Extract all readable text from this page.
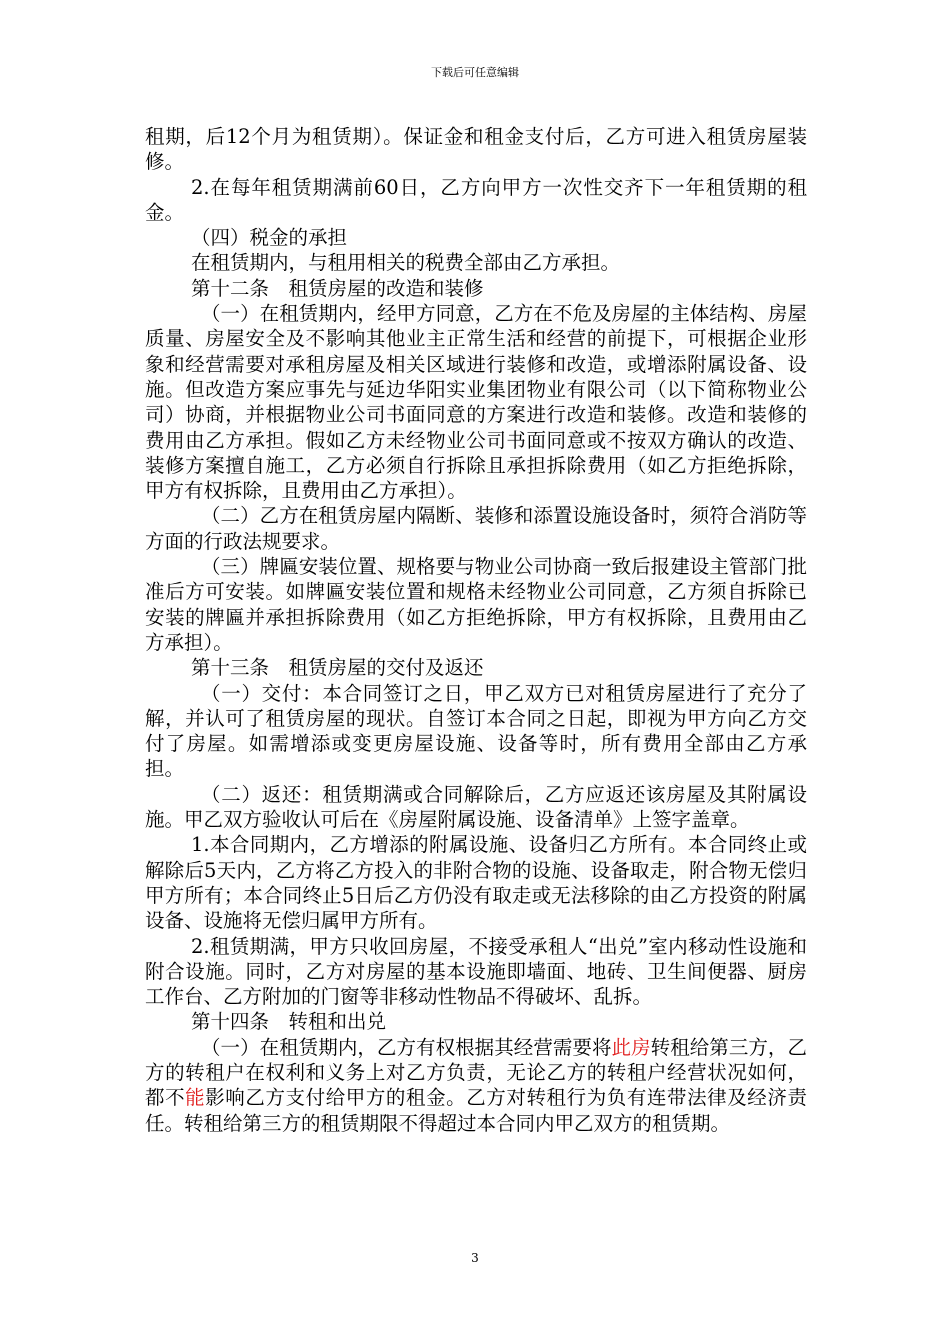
下载后可任意编辑

租期，后12个月为租赁期）。保证金和租金支付后，乙方可进入租赁房屋装修。

2.在每年租赁期满前60日，乙方向甲方一次性交齐下一年租赁期的租金。

（四）税金的承担

在租赁期内，与租用相关的税费全部由乙方承担。

第十二条　租赁房屋的改造和装修

（一）在租赁期内，经甲方同意，乙方在不危及房屋的主体结构、房屋质量、房屋安全及不影响其他业主正常生活和经营的前提下，可根据企业形象和经营需要对承租房屋及相关区域进行装修和改造，或增添附属设备、设施。但改造方案应事先与延边华阳实业集团物业有限公司（以下简称物业公司）协商，并根据物业公司书面同意的方案进行改造和装修。改造和装修的费用由乙方承担。假如乙方未经物业公司书面同意或不按双方确认的改造、装修方案擅自施工，乙方必须自行拆除且承担拆除费用（如乙方拒绝拆除，甲方有权拆除，且费用由乙方承担）。

（二）乙方在租赁房屋内隔断、装修和添置设施设备时，须符合消防等方面的行政法规要求。

（三）牌匾安装位置、规格要与物业公司协商一致后报建设主管部门批准后方可安装。如牌匾安装位置和规格未经物业公司同意，乙方须自拆除已安装的牌匾并承担拆除费用（如乙方拒绝拆除，甲方有权拆除，且费用由乙方承担）。

第十三条　租赁房屋的交付及返还

（一）交付：本合同签订之日，甲乙双方已对租赁房屋进行了充分了解，并认可了租赁房屋的现状。自签订本合同之日起，即视为甲方向乙方交付了房屋。如需增添或变更房屋设施、设备等时，所有费用全部由乙方承担。

（二）返还：租赁期满或合同解除后，乙方应返还该房屋及其附属设施。甲乙双方验收认可后在《房屋附属设施、设备清单》上签字盖章。

1.本合同期内，乙方增添的附属设施、设备归乙方所有。本合同终止或解除后5天内，乙方将乙方投入的非附合物的设施、设备取走，附合物无偿归甲方所有；本合同终止5日后乙方仍没有取走或无法移除的由乙方投资的附属设备、设施将无偿归属甲方所有。

2.租赁期满，甲方只收回房屋，不接受承租人“出兑”室内移动性设施和附合设施。同时，乙方对房屋的基本设施即墙面、地砖、卫生间便器、厨房工作台、乙方附加的门窗等非移动性物品不得破坏、乱拆。

第十四条　转租和出兑

（一）在租赁期内，乙方有权根据其经营需要将此房转租给第三方，乙方的转租户在权利和义务上对乙方负责，无论乙方的转租户经营状况如何，都不能影响乙方支付给甲方的租金。乙方对转租行为负有连带法律及经济责任。转租给第三方的租赁期限不得超过本合同内甲乙双方的租赁期。

3
